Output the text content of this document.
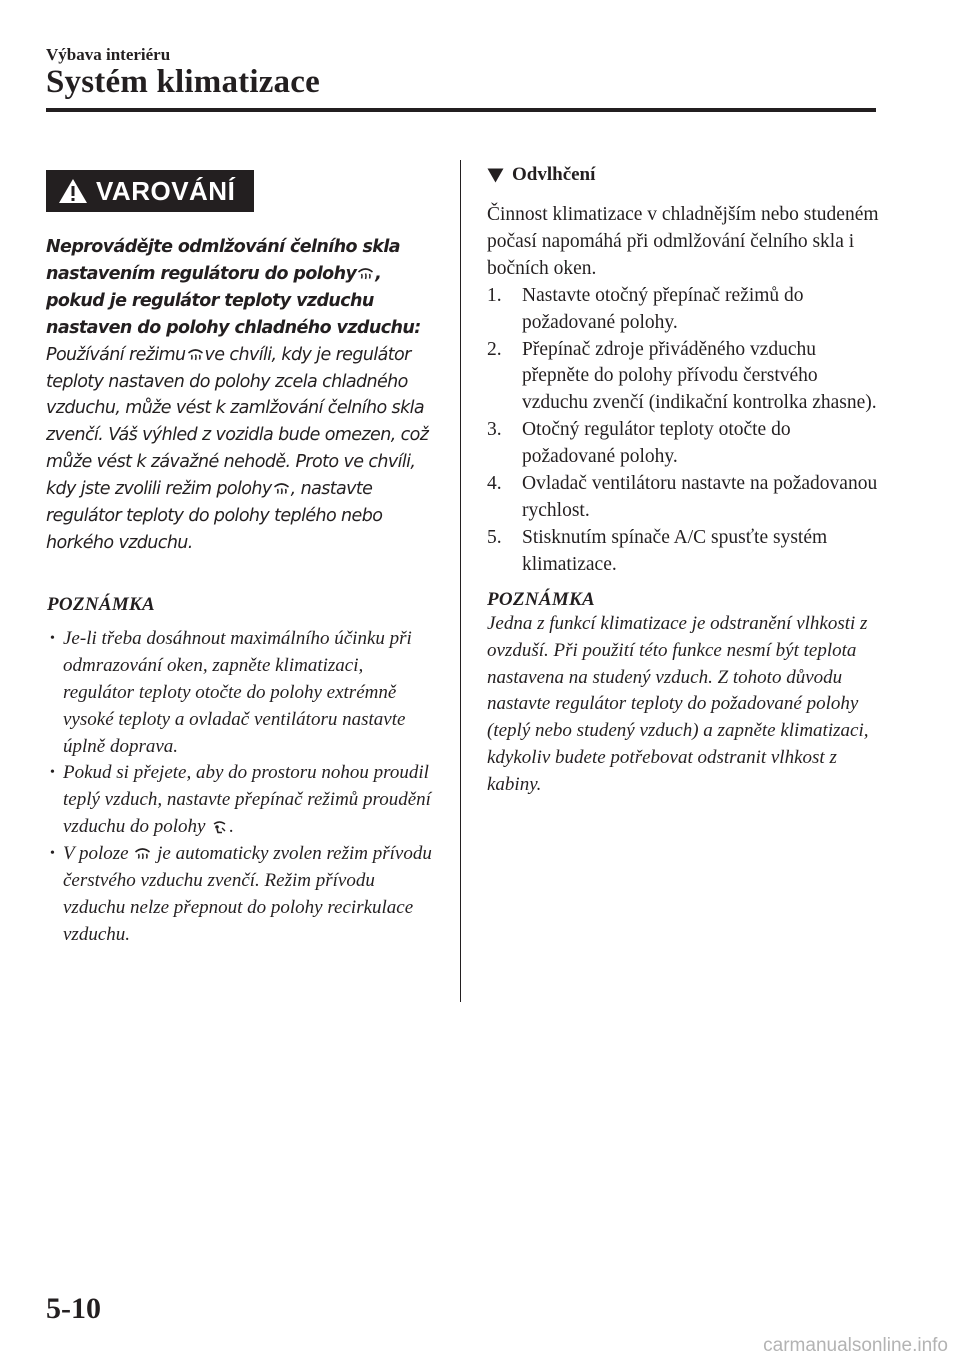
Výbava interiéru
Systém klimatizace
VAROVÁNÍ
Neprovádějte odmlžování čelního skla nastavením regulátoru do polohy , pokud je regulátor teploty vzduchu nastaven do polohy chladného vzduchu: Používání režimu ve chvíli, kdy je regulátor teploty nastaven do polohy zcela chladného vzduchu, může vést k zamlžování čelního skla zvenčí. Váš výhled z vozidla bude omezen, což může vést k závažné nehodě. Proto ve chvíli, kdy jste zvolili režim polohy , nastavte regulátor teploty do polohy teplého nebo horkého vzduchu.
POZNÁMKA
• Je-li třeba dosáhnout maximálního účinku při odmrazování oken, zapněte klimatizaci, regulátor teploty otočte do polohy extrémně vysoké teploty a ovladač ventilátoru nastavte úplně doprava.
• Pokud si přejete, aby do prostoru nohou proudil teplý vzduch, nastavte přepínač režimů proudění vzduchu do polohy .
• V poloze je automaticky zvolen režim přívodu čerstvého vzduchu zvenčí. Režim přívodu vzduchu nelze přepnout do polohy recirkulace vzduchu.
Odvlhčení
Činnost klimatizace v chladnějším nebo studeném počasí napomáhá při odmlžování čelního skla i bočních oken.
1. Nastavte otočný přepínač režimů do požadované polohy.
2. Přepínač zdroje přiváděného vzduchu přepněte do polohy přívodu čerstvého vzduchu zvenčí (indikační kontrolka zhasne).
3. Otočný regulátor teploty otočte do požadované polohy.
4. Ovladač ventilátoru nastavte na požadovanou rychlost.
5. Stisknutím spínače A/C spusťte systém klimatizace.
POZNÁMKA
Jedna z funkcí klimatizace je odstranění vlhkosti z ovzduší. Při použití této funkce nesmí být teplota nastavena na studený vzduch. Z tohoto důvodu nastavte regulátor teploty do požadované polohy (teplý nebo studený vzduch) a zapněte klimatizaci, kdykoliv budete potřebovat odstranit vlhkost z kabiny.
5-10
carmanualsonline.info
